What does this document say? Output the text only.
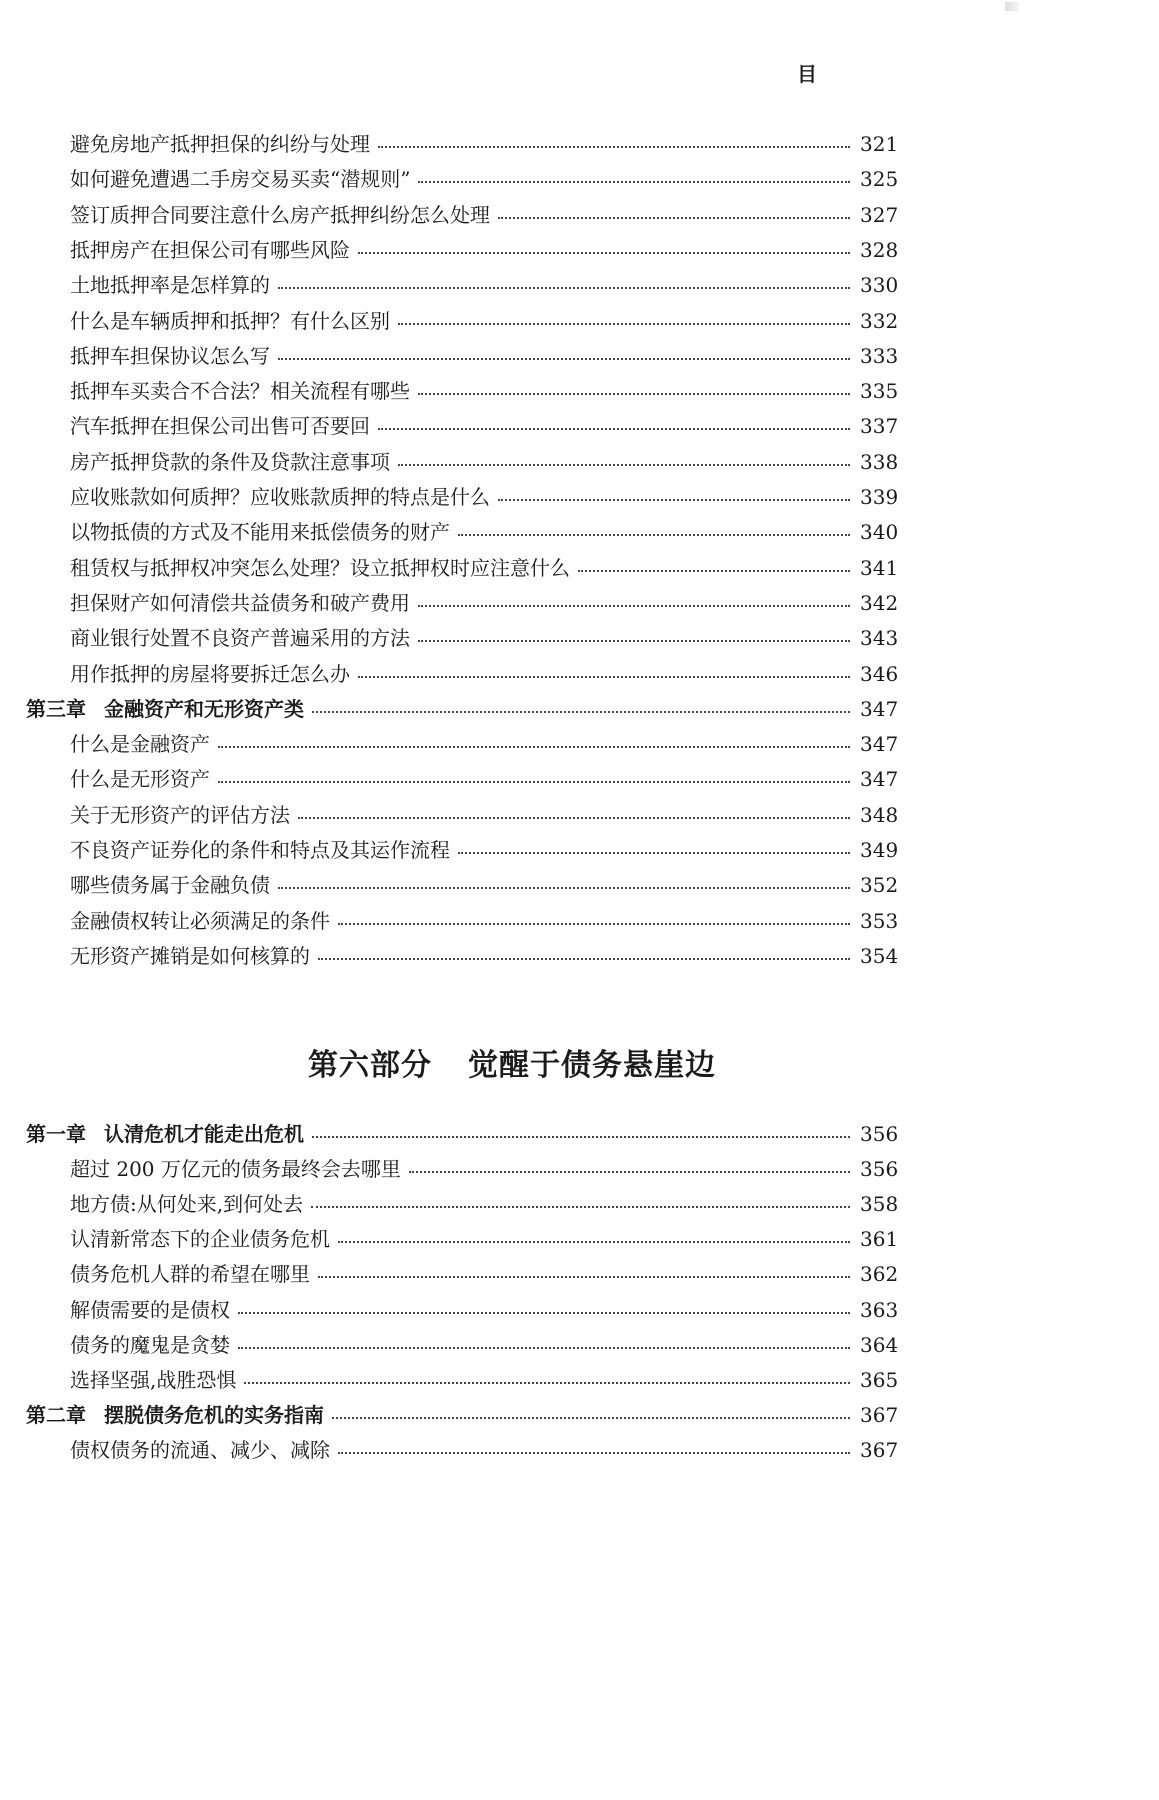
目
避免房地产抵押担保的纠纷与处理	321
如何避免遭遇二手房交易买卖“潜规则”	325
签订质押合同要注意什么房产抵押纠纷怎么处理	327
抵押房产在担保公司有哪些风险	328
土地抵押率是怎样算的	330
什么是车辆质押和抵押？有什么区别	332
抵押车担保协议怎么写	333
抵押车买卖合不合法？相关流程有哪些	335
汽车抵押在担保公司出售可否要回	337
房产抵押贷款的条件及贷款注意事项	338
应收账款如何质押？应收账款质押的特点是什么	339
以物抵债的方式及不能用来抵偿债务的财产	340
租赁权与抵押权冲突怎么处理？设立抵押权时应注意什么	341
担保财产如何清偿共益债务和破产费用	342
商业银行处置不良资产普遍采用的方法	343
用作抵押的房屋将要拆迁怎么办	346
第三章 金融资产和无形资产类	347
什么是金融资产	347
什么是无形资产	347
关于无形资产的评估方法	348
不良资产证券化的条件和特点及其运作流程	349
哪些债务属于金融负债	352
金融债权转让必须满足的条件	353
无形资产摊销是如何核算的	354
第六部分 觉醒于债务悬崖边
第一章 认清危机才能走出危机	356
超过 200 万亿元的债务最终会去哪里	356
地方债:从何处来,到何处去	358
认清新常态下的企业债务危机	361
债务危机人群的希望在哪里	362
解债需要的是债权	363
债务的魔鬼是贪婪	364
选择坚强,战胜恐惧	365
第二章 摆脱债务危机的实务指南	367
债权债务的流通、减少、减除	367
